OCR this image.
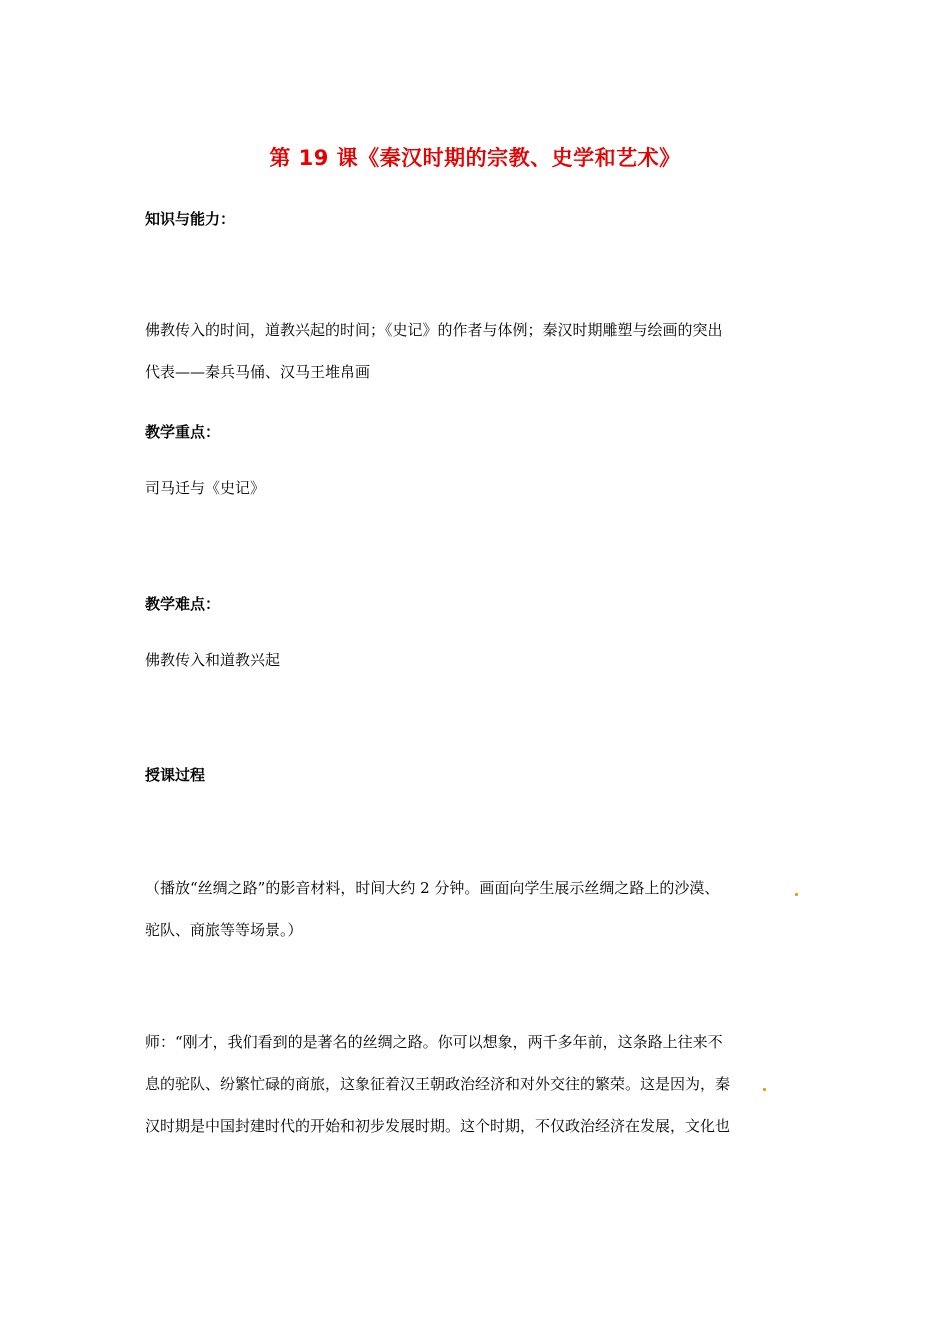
第 19 课《秦汉时期的宗教、史学和艺术》
知识与能力：
佛教传入的时间，道教兴起的时间；《史记》的作者与体例；秦汉时期雕塑与绘画的突出
代表——秦兵马俑、汉马王堆帛画
教学重点：
司马迁与《史记》
教学难点：
佛教传入和道教兴起
授课过程
（播放“丝绸之路”的影音材料，时间大约 2 分钟。画面向学生展示丝绸之路上的沙漠、
驼队、商旅等等场景。）
师：“刚才，我们看到的是著名的丝绸之路。你可以想象，两千多年前，这条路上往来不
息的驼队、纷繁忙碌的商旅，这象征着汉王朝政治经济和对外交往的繁荣。这是因为，秦
汉时期是中国封建时代的开始和初步发展时期。这个时期，不仅政治经济在发展，文化也
